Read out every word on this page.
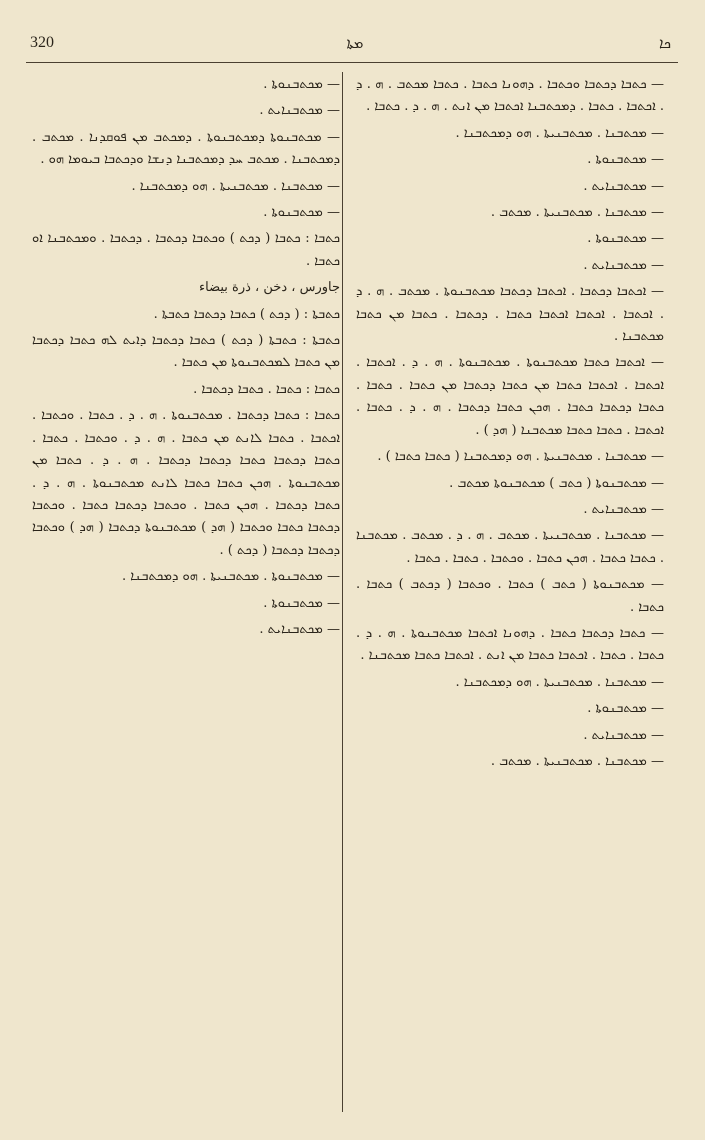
320	ܡܬܐ	ܟܐ

— ܡܟܬܒܢܘܬܐ .

— ܡܟܬܒܢܐܝܬ .

— ܡܟܬܒܢܘܬܐ ܕܡܟܬܒܢܘܬܐ . ܕܡܟܬܒ ܡܢ ܦܘܩܕܢܐ . ܡܟܬܒ . ܕܡܟܬܒܢܐ . ܡܟܬܒ ܚܕ ܕܡܟܬܒܢܐ ܕܢܫܐ ܘܕܟܬܒܐ ܒܝܘܡܐ ܗܘ .

— ܡܟܬܒܢܐ . ܡܟܬܒܢܝܬܐ . ܗܘ ܕܡܟܬܒܢܐ .

— ܡܟܬܒܢܘܬܐ .

ܟܬܒܐ : ܟܬܒܐ ( ܕܟܬ ) ܘܟܬܒܐ ܕܟܬܒܐ . ܕܟܬܒܐ . ܘܡܟܬܒܢܐ ܐܘ ܟܬܒܐ .

جاورس ، دخن ، ذرة بيضاء

ܟܬܒܬܐ : ( ܕܟܬ ) ܟܬܒܐ ܕܟܬܒܐ ܟܬܒܬܐ .

ܟܬܒܬܐ : ܟܬܒܬܐ ( ܕܟܬ ) ܟܬܒܐ ܕܟܬܒܐ ܕܐܝܬ ܠܗ ܟܬܒܐ ܕܟܬܒܐ ܡܢ ܟܬܒܐ ܠܡܟܬܒܢܘܬܐ ܡܢ ܟܬܒܐ .

ܟܬܒܐ : ܟܬܒܐ . ܟܬܒܐ ܕܟܬܒܐ .

ܟܬܒܐ : ܟܬܒܐ ܕܟܬܒܐ . ܡܟܬܒܢܘܬܐ . ܗ . ܕ . ܟܬܒܐ . ܘܟܬܒܐ . ܐܟܬܒܐ . ܟܬܒܐ ܠܐܢܬ ܡܢ ܟܬܒܐ . ܗ . ܕ . ܘܟܬܒܐ . ܟܬܒܐ . ܟܬܒܐ ܕܟܬܒܐ ܟܬܒܐ ܕܟܬܒܐ ܕܟܬܒܐ . ܗ . ܕ . ܟܬܒܐ ܡܢ ܡܟܬܒܢܘܬܐ . ܗܟܢ ܟܬܒܐ ܟܬܒܐ ܠܐܢܬ ܡܟܬܒܢܘܬܐ . ܗ . ܕ . ܟܬܒܐ ܕܟܬܒܐ . ܗܟܢ ܟܬܒܐ . ܘܟܬܒܐ ܕܟܬܒܐ ܟܬܒܐ . ܘܟܬܒܐ ܕܟܬܒܐ ܟܬܒܐ ܘܟܬܒܐ ( ܗܕ ) ܡܟܬܒܢܘܬܐ ܕܟܬܒܐ ( ܗܕ ) ܘܟܬܒܐ ܕܟܬܒܐ ܕܟܬܒܐ ( ܕܟܬ ) .

— ܡܟܬܒܢܘܬܐ . ܡܟܬܒܢܝܬܐ . ܗܘ ܕܡܟܬܒܢܐ .

— ܡܟܬܒܢܘܬܐ .

— ܡܟܬܒܢܐܝܬ .

— ܟܬܒܐ ܕܟܬܒܐ ܘܟܬܒܐ . ܕܗܘܢܐ ܟܬܒܐ . ܟܬܒܐ ܡܟܬܒ . ܗ . ܕ . ܐܟܬܒܐ . ܟܬܒܐ . ܕܡܟܬܒܢܐ ܐܟܬܒܐ ܡܢ ܐܢܬ . ܗ . ܕ . ܟܬܒܐ .

— ܡܟܬܒܢܐ . ܡܟܬܒܢܝܬܐ . ܗܘ ܕܡܟܬܒܢܐ .

— ܡܟܬܒܢܘܬܐ .

— ܡܟܬܒܢܐܝܬ .

— ܡܟܬܒܢܐ . ܡܟܬܒܢܝܬܐ . ܡܟܬܒ .

— ܡܟܬܒܢܘܬܐ .

— ܡܟܬܒܢܐܝܬ .

— ܐܟܬܒܐ ܕܟܬܒܐ . ܐܟܬܒܐ ܕܟܬܒܐ ܡܟܬܒܢܘܬܐ . ܡܟܬܒ . ܗ . ܕ . ܐܟܬܒܐ . ܐܟܬܒܐ ܐܟܬܒܐ ܟܬܒܐ . ܕܟܬܒܐ . ܟܬܒܐ ܡܢ ܟܬܒܐ ܡܟܬܒܢܐ .

— ܐܟܬܒܐ ܟܬܒܐ ܡܟܬܒܢܘܬܐ . ܡܟܬܒܢܘܬܐ . ܗ . ܕ . ܐܟܬܒܐ . ܐܟܬܒܐ . ܐܟܬܒܐ ܟܬܒܐ ܡܢ ܟܬܒܐ ܕܟܬܒܐ ܡܢ ܟܬܒܐ . ܟܬܒܐ . ܟܬܒܐ ܕܟܬܒܐ ܟܬܒܐ . ܗܟܢ ܟܬܒܐ ܕܟܬܒܐ . ܗ . ܕ . ܟܬܒܐ . ܐܟܬܒܐ . ܟܬܒܐ ܟܬܒܐ ܡܟܬܒܢܐ ( ܗܕ ) .

— ܡܟܬܒܢܐ . ܡܟܬܒܢܝܬܐ . ܗܘ ܕܡܟܬܒܢܐ ( ܟܬܒܐ ܟܬܒܐ ) .

— ܡܟܬܒܢܘܬܐ ( ܟܬܒ ) ܡܟܬܒܢܘܬܐ ܡܟܬܒ .

— ܡܟܬܒܢܐܝܬ .

— ܡܟܬܒܢܐ . ܡܟܬܒܢܝܬܐ . ܡܟܬܒ . ܗ . ܕ . ܡܟܬܒ . ܡܟܬܒܢܐ . ܟܬܒܐ ܟܬܒܐ . ܗܟܢ ܟܬܒܐ . ܘܟܬܒܐ . ܟܬܒܐ . ܟܬܒܐ .

— ܡܟܬܒܢܘܬܐ ( ܟܬܒ ) ܟܬܒܐ . ܘܟܬܒܐ ( ܕܟܬܒ ) ܟܬܒܐ . ܟܬܒܐ .

— ܟܬܒܐ ܕܟܬܒܐ ܟܬܒܐ . ܕܗܘܢܐ ܐܟܬܒܐ ܡܟܬܒܢܘܬܐ . ܗ . ܕ . ܟܬܒܐ . ܟܬܒܐ . ܐܟܬܒܐ ܟܬܒܐ ܡܢ ܐܢܬ . ܐܟܬܒܐ ܟܬܒܐ ܡܟܬܒܢܐ .

— ܡܟܬܒܢܐ . ܡܟܬܒܢܝܬܐ . ܗܘ ܕܡܟܬܒܢܐ .

— ܡܟܬܒܢܘܬܐ .

— ܡܟܬܒܢܐܝܬ .

— ܡܟܬܒܢܐ . ܡܟܬܒܢܝܬܐ . ܡܟܬܒ .
